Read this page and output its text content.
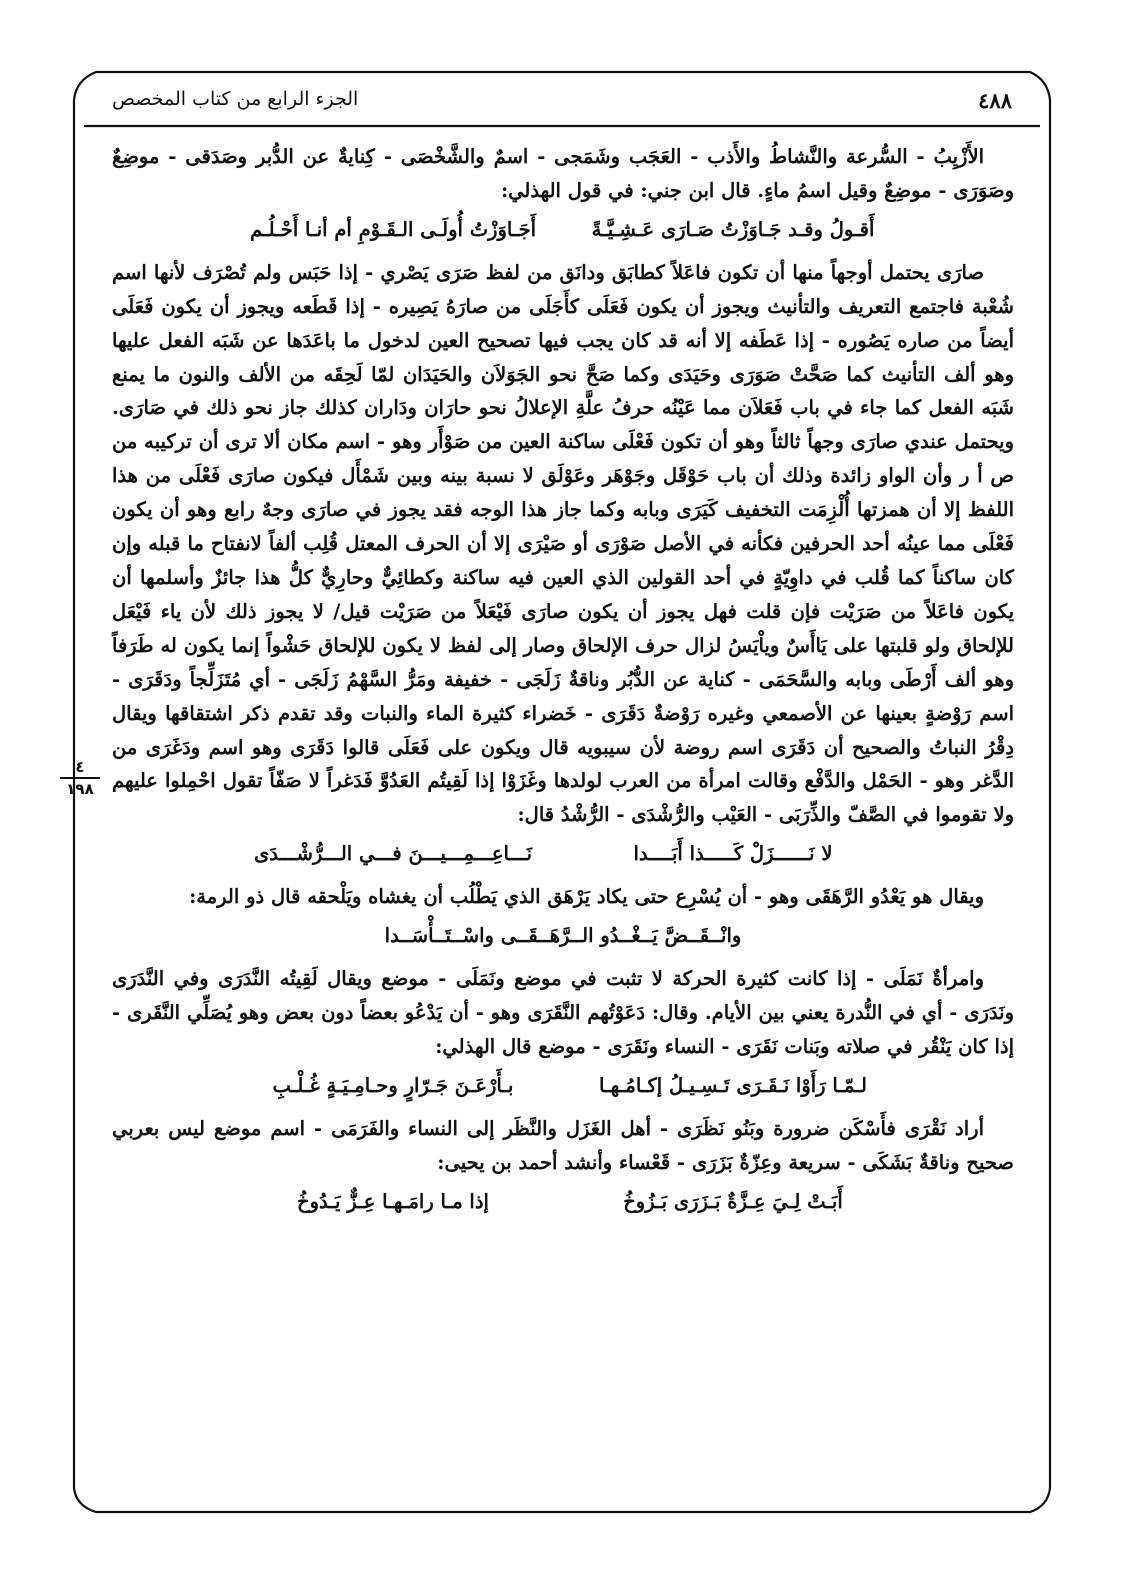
٤٨٨
الجزء الرابع من كتاب المخصص
٤
١٩٨

الأَزْيِبُ - السُّرعة والنَّشاطُ والأَذب - العَجَب وشَمَجى - اسمٌ والشَّخْصَى - كِنايةٌ عن الدُّبر وصَدَقى - موضِعٌ وصَوَرَى - موضِعٌ وقيل اسمُ ماءٍ. قال ابن جني: في قول الهذلي:

أَقـولُ وقـد جَـاوَزْتُ صَـارَى عَـشِـيَّـةً
أَجَـاوَزْتُ أُولَـى الـقَـوْمِ أم أنـا أَحْـلُـم

صارَى يحتمل أوجهاً منها أن تكون فاعَلاً كطابَق ودانَق من لفظ صَرَى يَصْري - إذا حَبَس ولم تُصْرَف لأنها اسم شُعْبة فاجتمع التعريف والتأنيث ويجوز أن يكون فَعَلَى كأَجَلَى من صارَهُ يَصِيره - إذا قَطَعه ويجوز أن يكون فَعَلَى أيضاً من صاره يَصُوره - إذا عَطَفه إلا أنه قد كان يجب فيها تصحيح العين لدخول ما باعَدَها عن شَبَه الفعل عليها وهو ألف التأنيث كما صَحَّتْ صَوَرَى وحَيَدَى وكما صَحَّ نحو الجَوَلاَن والحَيَدَان لمّا لَحِقَه من الألف والنون ما يمنع شَبَه الفعل كما جاء في باب فَعَلاَن مما عَيْنُه حرفُ علَّةِ الإعلالُ نحو حارَان ودَاران كذلك جاز نحو ذلك في صَارَى. ويحتمل عندي صارَى وجهاً ثالثاً وهو أن تكون فَعْلَى ساكنة العين من صَوْأَر وهو - اسم مكان ألا ترى أن تركيبه من ص أ ر وأن الواو زائدة وذلك أن باب حَوْقَل وجَوْهَر وعَوْلَق لا نسبة بينه وبين شَمْأَل فيكون صارَى فَعْلَى من هذا اللفظ إلا أن همزتها أُلْزِمَت التخفيف كَيَرَى وبابه وكما جاز هذا الوجه فقد يجوز في صارَى وجهٌ رابع وهو أن يكون فَعْلَى مما عينُه أحد الحرفين فكأنه في الأصل صَوْرَى أو صَيْرَى إلا أن الحرف المعتل قُلِب ألفاً لانفتاح ما قبله وإن كان ساكناً كما قُلب في داوِيّةٍ في أحد القولين الذي العين فيه ساكنة وكطائِيٌّ وحارِيٌّ كلُّ هذا جائزٌ وأسلمها أن يكون فاعَلاً من صَرَيْت فإن قلت فهل يجوز أن يكون صارَى فَيْعَلاً من صَرَيْت قيل/ لا يجوز ذلك لأن ياء فَيْعَل للإلحاق ولو قلبتها على يَاأَسٌ وياْيَسُ لزال حرف الإلحاق وصار إلى لفظ لا يكون للإلحاق حَشْواً إنما يكون له طَرَفاً وهو ألف أَرْطَى وبابه والسَّحَمَى - كناية عن الدُّبُر وناقةٌ زَلَجَى - خفيفة ومَرُّ السَّهْمُ زَلَجَى - أي مُتَزَلِّجاً ودَقَرَى - اسم رَوْضةٍ بعينها عن الأصمعي وغيره رَوْضةٌ دَقَرَى - خَضراء كثيرة الماء والنبات وقد تقدم ذكر اشتقاقها ويقال دِقْرُ النباتُ والصحيح أن دَقَرَى اسم روضة لأن سيبويه قال ويكون على فَعَلَى قالوا دَقَرَى وهو اسم ودَغَرَى من الدَّغر وهو - الحَمْل والدَّفْع وقالت امرأة من العرب لولدها وغَزَوْا إذا لَقِيتُم العَدُوَّ فَدَغراً لا صَفّاً تقول احْمِلوا عليهم ولا تقوموا في الصَّفّ والذِّرَبَى - العَيْب والرُّشْدَى - الرُّشْدُ قال:

لا نَــــــزَلْ كَـــــذا أَبَــــدا
نَـــاعِـــمِـــيـــنَ فـــي الـــرُّشْـــدَى

ويقال هو يَعْدُو الرَّهَقَى وهو - أن يُسْرِع حتى يكاد يَرْهَق الذي يَطْلُب أن يغشاه ويَلْحقه قال ذو الرمة:

وانْــقَــضَّ يَــغْــدُو الــرَّهَــقَــى واسْــتَــأْسَــدا

وامرأةٌ نَمَلَى - إذا كانت كثيرة الحركة لا تثبت في موضع ونَمَلَى - موضع ويقال لَقِيتُه النَّدَرَى وفي النَّدَرَى ونَدَرَى - أي في النُّدرة يعني بين الأيام. وقال: دَعَوْتُهم النَّقَرَى وهو - أن يَدْعُو بعضاً دون بعض وهو يُصَلِّي النَّقَرى - إذا كان يَنْقُر في صلاته وبَنات نَقَرَى - النساء ونَقَرَى - موضع قال الهذلي:

لـمّـا رَأَوْا نَـقَـرَى تَـسِـيـلُ إكـامُـهـا
بـأَرْعَـنَ جَـرّارٍ وحـامِـيَـةٍ غُـلْـبِ

أراد نَقْرَى فأَسْكَن ضرورة وبَنُو نَظَرَى - أهل الغَزَل والنَّظَر إلى النساء والفَرَمَى - اسم موضع ليس بعربي صحيح وناقةٌ بَشَكَى - سريعة وعِزّةٌ بَزَرَى - قَعْساء وأنشد أحمد بن يحيى:

أَبَـتْ لِـيَ عِـزَّةٌ بَـزَرَى بَـزُوخُ
إذا مـا رامَـهـا عِـزٌّ يَـدُوخُ
